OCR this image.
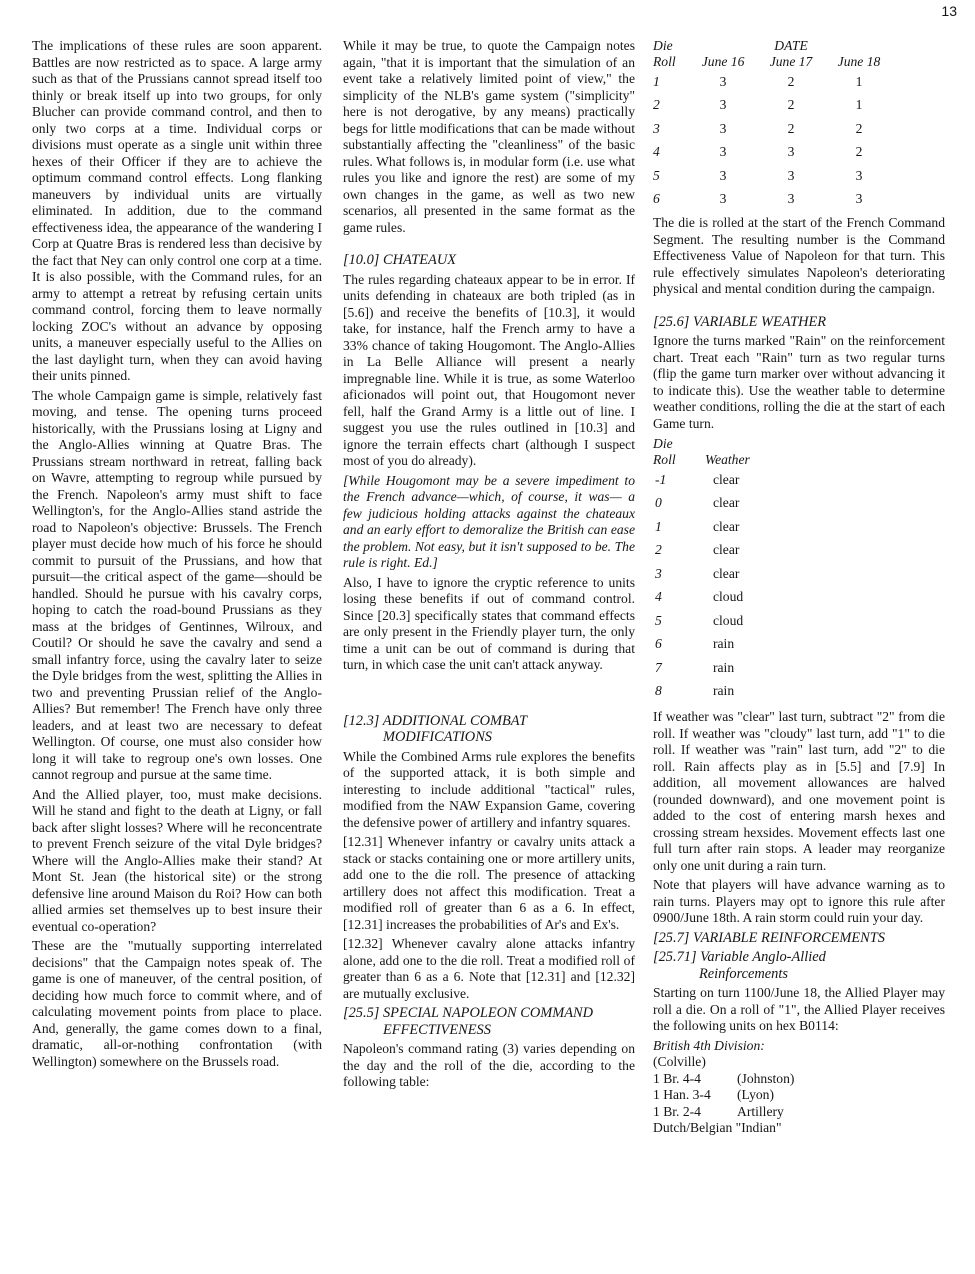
13

The implications of these rules are soon apparent. Battles are now restricted as to space. A large army such as that of the Prussians cannot spread itself too thinly or break itself up into two groups, for only Blucher can provide command control, and then to only two corps at a time. Individual corps or divisions must operate as a single unit within three hexes of their Officer if they are to achieve the optimum command control effects. Long flanking maneuvers by individual units are virtually eliminated. In addition, due to the command effectiveness idea, the appearance of the wandering I Corp at Quatre Bras is rendered less than decisive by the fact that Ney can only control one corp at a time. It is also possible, with the Command rules, for an army to attempt a retreat by refusing certain units command control, forcing them to leave normally locking ZOC's without an advance by opposing units, a maneuver especially useful to the Allies on the last daylight turn, when they can avoid having their units pinned.

The whole Campaign game is simple, relatively fast moving, and tense. The opening turns proceed historically, with the Prussians losing at Ligny and the Anglo-Allies winning at Quatre Bras. The Prussians stream northward in retreat, falling back on Wavre, attempting to regroup while pursued by the French. Napoleon's army must shift to face Wellington's, for the Anglo-Allies stand astride the road to Napoleon's objective: Brussels. The French player must decide how much of his force he should commit to pursuit of the Prussians, and how that pursuit—the critical aspect of the game—should be handled. Should he pursue with his cavalry corps, hoping to catch the road-bound Prussians as they mass at the bridges of Gentinnes, Wilroux, and Coutil? Or should he save the cavalry and send a small infantry force, using the cavalry later to seize the Dyle bridges from the west, splitting the Allies in two and preventing Prussian relief of the Anglo-Allies? But remember! The French have only three leaders, and at least two are necessary to defeat Wellington. Of course, one must also consider how long it will take to regroup one's own losses. One cannot regroup and pursue at the same time.

And the Allied player, too, must make decisions. Will he stand and fight to the death at Ligny, or fall back after slight losses? Where will he reconcentrate to prevent French seizure of the vital Dyle bridges? Where will the Anglo-Allies make their stand? At Mont St. Jean (the historical site) or the strong defensive line around Maison du Roi? How can both allied armies set themselves up to best insure their eventual co-operation?

These are the "mutually supporting interrelated decisions" that the Campaign notes speak of. The game is one of maneuver, of the central position, of deciding how much force to commit where, and of calculating movement points from place to place. And, generally, the game comes down to a final, dramatic, all-or-nothing confrontation (with Wellington) somewhere on the Brussels road.

While it may be true, to quote the Campaign notes again, "that it is important that the simulation of an event take a relatively limited point of view," the simplicity of the NLB's game system ("simplicity" here is not derogative, by any means) practically begs for little modifications that can be made without substantially affecting the "cleanliness" of the basic rules. What follows is, in modular form (i.e. use what rules you like and ignore the rest) are some of my own changes in the game, as well as two new scenarios, all presented in the same format as the game rules.

[10.0] CHATEAUX

The rules regarding chateaux appear to be in error. If units defending in chateaux are both tripled (as in [5.6]) and receive the benefits of [10.3], it would take, for instance, half the French army to have a 33% chance of taking Hougomont. The Anglo-Allies in La Belle Alliance will present a nearly impregnable line. While it is true, as some Waterloo aficionados will point out, that Hougomont never fell, half the Grand Army is a little out of line. I suggest you use the rules outlined in [10.3] and ignore the terrain effects chart (although I suspect most of you do already).

[While Hougomont may be a severe impediment to the French advance—which, of course, it was— a few judicious holding attacks against the chateaux and an early effort to demoralize the British can ease the problem. Not easy, but it isn't supposed to be. The rule is right. Ed.]

Also, I have to ignore the cryptic reference to units losing these benefits if out of command control. Since [20.3] specifically states that command effects are only present in the Friendly player turn, the only time a unit can be out of command is during that turn, in which case the unit can't attack anyway.

[12.3] ADDITIONAL COMBAT
MODIFICATIONS

While the Combined Arms rule explores the benefits of the supported attack, it is both simple and interesting to include additional "tactical" rules, modified from the NAW Expansion Game, covering the defensive power of artillery and infantry squares.

[12.31] Whenever infantry or cavalry units attack a stack or stacks containing one or more artillery units, add one to the die roll. The presence of attacking artillery does not affect this modification. Treat a modified roll of greater than 6 as a 6. In effect, [12.31] increases the probabilities of Ar's and Ex's.

[12.32] Whenever cavalry alone attacks infantry alone, add one to the die roll. Treat a modified roll of greater than 6 as a 6. Note that [12.31] and [12.32] are mutually exclusive.

[25.5] SPECIAL NAPOLEON COMMAND
EFFECTIVENESS

Napoleon's command rating (3) varies depending on the day and the roll of the die, according to the following table:

Die	DATE		
Roll	June 16	June 17	June 18
1	3	2	1
2	3	2	1
3	3	2	2
4	3	3	2
5	3	3	3
6	3	3	3

The die is rolled at the start of the French Command Segment. The resulting number is the Command Effectiveness Value of Napoleon for that turn. This rule effectively simulates Napoleon's deteriorating physical and mental condition during the campaign.

[25.6] VARIABLE WEATHER

Ignore the turns marked "Rain" on the reinforcement chart. Treat each "Rain" turn as two regular turns (flip the game turn marker over without advancing it to indicate this). Use the weather table to determine weather conditions, rolling the die at the start of each Game turn.

Die	
Roll	Weather
-1	clear
0	clear
1	clear
2	clear
3	clear
4	cloud
5	cloud
6	rain
7	rain
8	rain

If weather was "clear" last turn, subtract "2" from die roll. If weather was "cloudy" last turn, add "1" to die roll. If weather was "rain" last turn, add "2" to die roll. Rain affects play as in [5.5] and [7.9] In addition, all movement allowances are halved (rounded downward), and one movement point is added to the cost of entering marsh hexes and crossing stream hexsides. Movement effects last one full turn after rain stops. A leader may reorganize only one unit during a rain turn.

Note that players will have advance warning as to rain turns. Players may opt to ignore this rule after 0900/June 18th. A rain storm could ruin your day.

[25.7] VARIABLE REINFORCEMENTS
[25.71] Variable Anglo-Allied
Reinforcements

Starting on turn 1100/June 18, the Allied Player may roll a die. On a roll of "1", the Allied Player receives the following units on hex B0114:

British 4th Division:

(Colville)

1 Br. 4-4	(Johnston)

1 Han. 3-4 (Lyon)

1 Br. 2-4	Artillery

Dutch/Belgian "Indian"
